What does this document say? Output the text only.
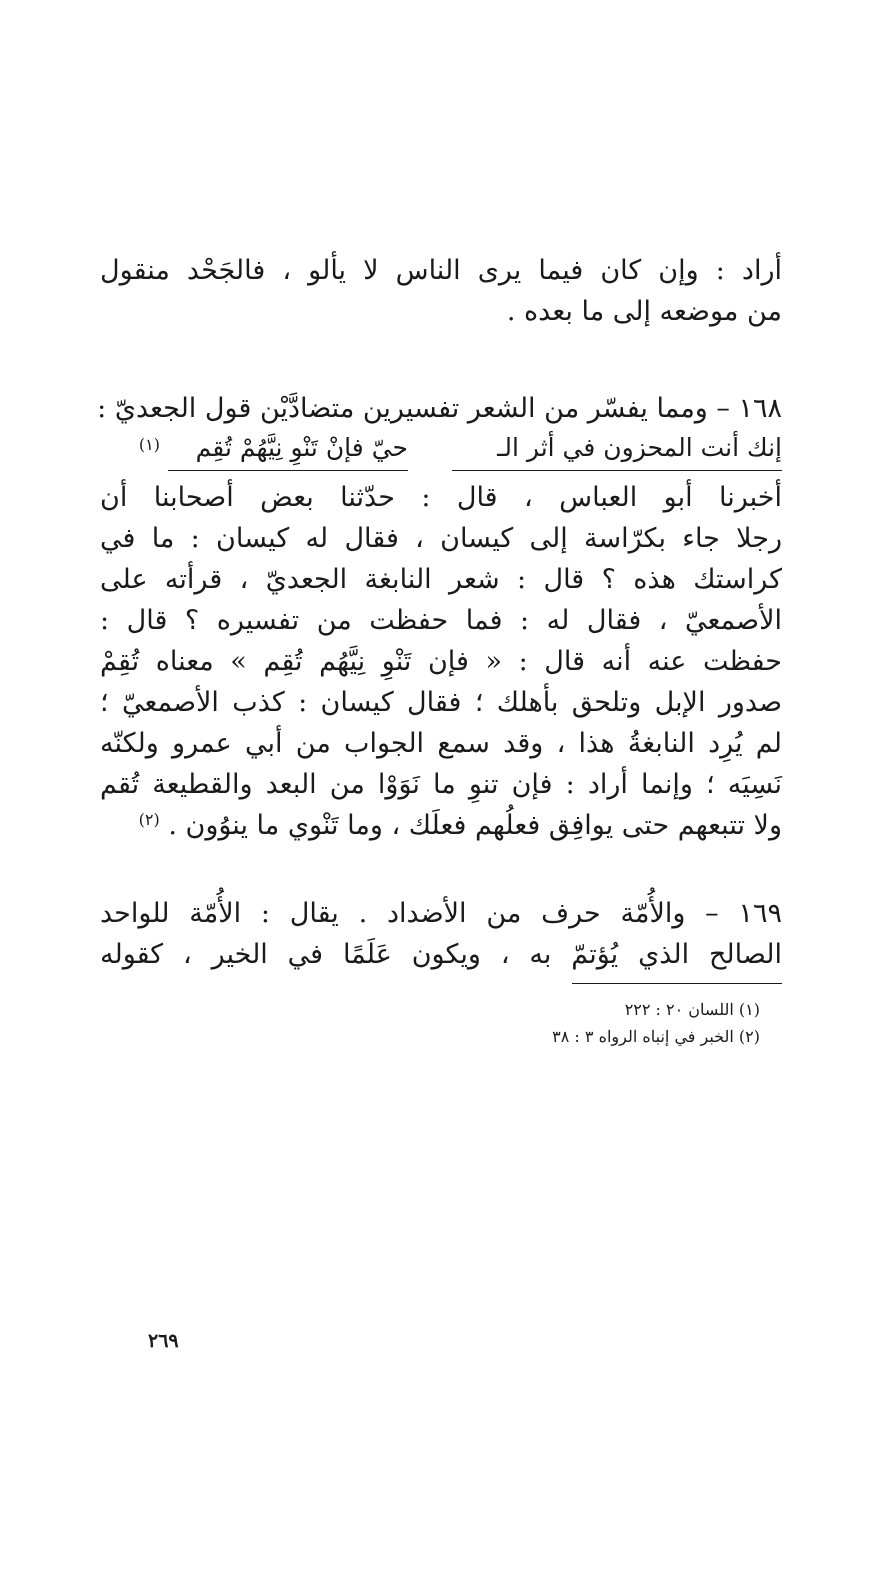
أراد : وإن كان فيما يرى الناس لا يألو ، فالجَحْد منقول
من موضعه إلى ما بعده .
١٦٨ – ومما يفسّر من الشعر تفسيرين متضادَّيْن قول الجعديّ :
إنك أنت المحزون في أثر الـ
حيّ فإنْ تَنْوِ نِيَّهُمْ تُقِم
(١)
أخبرنا أبو العباس ، قال : حدّثنا بعض أصحابنا أن
رجلا جاء بكرّاسة إلى كيسان ، فقال له كيسان : ما في
كراستك هذه ؟ قال : شعر النابغة الجعديّ ، قرأته على
الأصمعيّ ، فقال له : فما حفظت من تفسيره ؟ قال :
حفظت عنه أنه قال : « فإن تَنْوِ نِيَّهُم تُقِم » معناه تُقِمْ
صدور الإبل وتلحق بأهلك ؛ فقال كيسان : كذب الأصمعيّ ؛
لم يُرِد النابغةُ هذا ، وقد سمع الجواب من أبي عمرو ولكنّه
نَسِيَه ؛ وإنما أراد : فإن تنوِ ما نَوَوْا من البعد والقطيعة تُقم
ولا تتبعهم حتى يوافِق فعلُهم فعلَك ، وما تَنْوي ما ينوُون . $^{(٢)}$
١٦٩ – والأُمّة حرف من الأضداد . يقال : الأُمّة للواحد
الصالح الذي يُؤتمّ به ، ويكون عَلَمًا في الخير ، كقوله
(١) اللسان ٢٠ : ٢٢٢
(٢) الخبر في إنباه الرواه ٣ : ٣٨
٢٦٩
